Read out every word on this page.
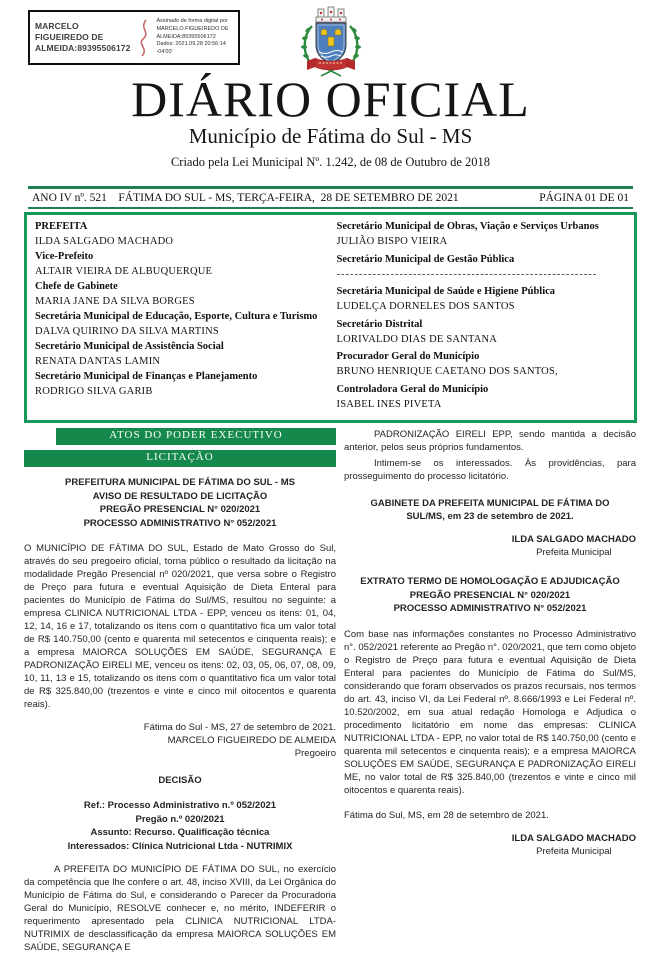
MARCELO FIGUEIREDO DE ALMEIDA:89395506172
Assinado de forma digital por
MARCELO FIGUEIREDO DE
ALMEIDA:89395506172
Dados: 2021.09.28 20:56:14 -04'00'
DIÁRIO OFICIAL
Município de Fátima do Sul - MS
Criado pela Lei Municipal Nº. 1.242, de 08 de Outubro de 2018
ANO IV nº. 521    FÁTIMA DO SUL - MS, TERÇA-FEIRA,  28 DE SETEMBRO DE 2021	PÁGINA 01 DE 01
PREFEITA
ILDA SALGADO MACHADO
Vice-Prefeito
ALTAIR VIEIRA DE ALBUQUERQUE
Chefe de Gabinete
MARIA JANE DA SILVA BORGES
Secretária Municipal de Educação, Esporte, Cultura e Turismo
DALVA QUIRINO DA SILVA MARTINS
Secretário Municipal de Assistência Social
RENATA DANTAS LAMIN
Secretário Municipal de Finanças e Planejamento
RODRIGO SILVA GARIB
Secretário Municipal de Obras, Viação e Serviços Urbanos
JULIÃO BISPO VIEIRA
Secretário Municipal de Gestão Pública
----------------------------------------------------------
Secretária Municipal de Saúde e Higiene Pública
LUDELÇA DORNELES DOS SANTOS
Secretário Distrital
LORIVALDO DIAS DE SANTANA
Procurador Geral do Município
BRUNO HENRIQUE CAETANO DOS SANTOS,
Controladora Geral do Município
ISABEL INES PIVETA
ATOS DO PODER EXECUTIVO
LICITAÇÃO
PREFEITURA MUNICIPAL DE FÁTIMA DO SUL - MS
AVISO DE RESULTADO DE LICITAÇÃO
PREGÃO PRESENCIAL N° 020/2021
PROCESSO ADMINISTRATIVO N° 052/2021

O MUNICÍPIO DE FÁTIMA DO SUL, Estado de Mato Grosso do Sul, através do seu pregoeiro oficial, torna público o resultado da licitação na modalidade Pregão Presencial nº 020/2021, que versa sobre o Registro de Preço para futura e eventual Aquisição de Dieta Enteral para pacientes do Município de Fátima do Sul/MS, resultou no seguinte: a empresa CLINICA NUTRICIONAL LTDA - EPP, venceu os itens: 01, 04, 12, 14, 16 e 17, totalizando os itens com o quantitativo fica um valor total de R$ 140.750,00 (cento e quarenta mil setecentos e cinquenta reais); e a empresa MAIORCA SOLUÇÕES EM SAÚDE, SEGURANÇA E PADRONIZAÇÃO EIRELI ME, venceu os itens: 02, 03, 05, 06, 07, 08, 09, 10, 11, 13 e 15, totalizando os itens com o quantitativo fica um valor total de R$ 325.840,00 (trezentos e vinte e cinco mil oitocentos e quarenta reais).

Fátima do Sul - MS, 27 de setembro de 2021.
MARCELO FIGUEIREDO DE ALMEIDA
Pregoeiro
DECISÃO
Ref.: Processo Administrativo n.º 052/2021
Pregão n.º 020/2021
Assunto: Recurso. Qualificação técnica
Interessados: Clínica Nutricional Ltda - NUTRIMIX

A PREFEITA DO MUNICÍPIO DE FÁTIMA DO SUL, no exercício da competência que lhe confere o art. 48, inciso XVIII, da Lei Orgânica do Município de Fátima do Sul, e considerando o Parecer da Procuradoria Geral do Município, RESOLVE conhecer e, no mérito, INDEFERIR o requerimento apresentado pela CLINICA NUTRICIONAL LTDA- NUTRIMIX de desclassificação da empresa MAIORCA SOLUÇÕES EM SAÚDE, SEGURANÇA E

PADRONIZAÇÃO EIRELI EPP, sendo mantida a decisão anterior, pelos seus próprios fundamentos.

Intimem-se os interessados. Às providências, para prosseguimento do processo licitatório.

GABINETE DA PREFEITA MUNICIPAL DE FÁTIMA DO SUL/MS, em 23 de setembro de 2021.
ILDA SALGADO MACHADO
Prefeita Municipal
EXTRATO TERMO DE HOMOLOGAÇÃO E ADJUDICAÇÃO
PREGÃO PRESENCIAL N° 020/2021
PROCESSO ADMINISTRATIVO N° 052/2021

Com base nas informações constantes no Processo Administrativo n°. 052/2021 referente ao Pregão n°. 020/2021, que tem como objeto o Registro de Preço para futura e eventual Aquisição de Dieta Enteral para pacientes do Município de Fátima do Sul/MS, considerando que foram observados os prazos recursais, nos termos do art. 43, inciso VI, da Lei Federal nº. 8.666/1993 e Lei Federal nº. 10.520/2002, em sua atual redação Homologa e Adjudica o procedimento licitatório em nome das empresas: CLINICA NUTRICIONAL LTDA - EPP, no valor total de R$ 140.750,00 (cento e quarenta mil setecentos e cinquenta reais); e a empresa MAIORCA SOLUÇÕES EM SAÚDE, SEGURANÇA E PADRONIZAÇÃO EIRELI ME, no valor total de R$ 325.840,00 (trezentos e vinte e cinco mil oitocentos e quarenta reais).

Fátima do Sul, MS, em 28 de setembro de 2021.
ILDA SALGADO MACHADO
Prefeita Municipal
